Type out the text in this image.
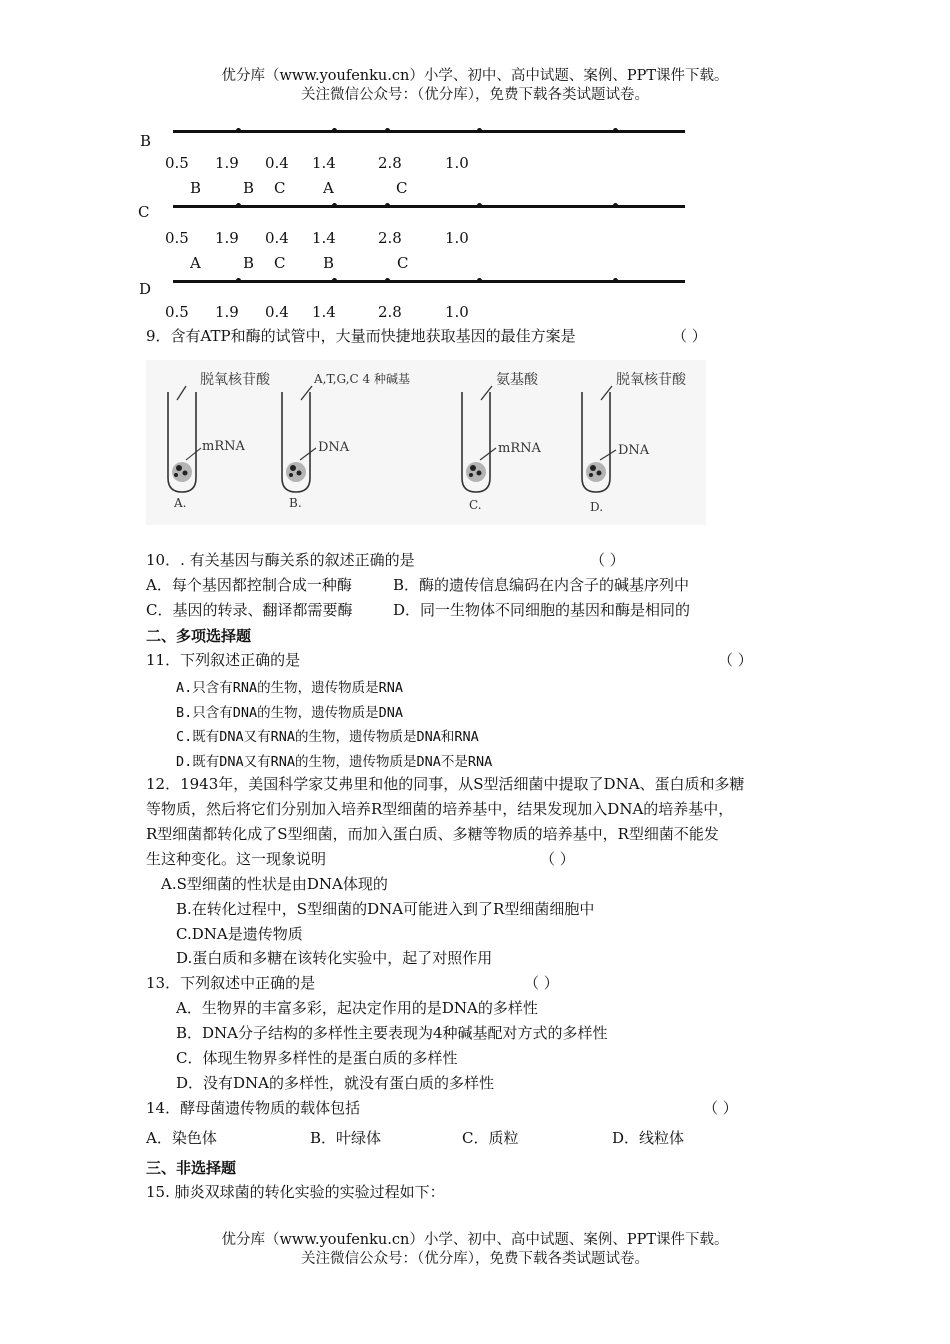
优分库（www.youfenku.cn）小学、初中、高中试题、案例、PPT课件下载。
关注微信公众号：（优分库），免费下载各类试题试卷。
B
0.5 1.9 0.4 1.4	2.8	1.0
B	B C	A	C
C
0.5 1.9 0.4 1.4	2.8	1.0
A	B C	B	C
D
0.5 1.9 0.4 1.4	2.8	1.0
9．含有ATP和酶的试管中，大量而快捷地获取基因的最佳方案是	（ ）
脱氧核苷酸
mRNA
A.
A,T,G,C 4 种碱基
DNA
B.
氨基酸
mRNA
C.
脱氧核苷酸
DNA
D.
10．. 有关基因与酶关系的叙述正确的是	（ ）
A．每个基因都控制合成一种酶	B．酶的遗传信息编码在内含子的碱基序列中
C．基因的转录、翻译都需要酶	D．同一生物体不同细胞的基因和酶是相同的
二、多项选择题
11．下列叙述正确的是	（ ）
A.只含有RNA的生物，遗传物质是RNA
B.只含有DNA的生物，遗传物质是DNA
C.既有DNA又有RNA的生物，遗传物质是DNA和RNA
D.既有DNA又有RNA的生物，遗传物质是DNA不是RNA
12．1943年，美国科学家艾弗里和他的同事，从S型活细菌中提取了DNA、蛋白质和多糖
等物质，然后将它们分别加入培养R型细菌的培养基中，结果发现加入DNA的培养基中，
R型细菌都转化成了S型细菌，而加入蛋白质、多糖等物质的培养基中，R型细菌不能发
生这种变化。这一现象说明	（ ）
A.S型细菌的性状是由DNA体现的
B.在转化过程中，S型细菌的DNA可能进入到了R型细菌细胞中
C.DNA是遗传物质
D.蛋白质和多糖在该转化实验中，起了对照作用
13．下列叙述中正确的是	（ ）
A．生物界的丰富多彩，起决定作用的是DNA的多样性
B．DNA分子结构的多样性主要表现为4种碱基配对方式的多样性
C．体现生物界多样性的是蛋白质的多样性
D．没有DNA的多样性，就没有蛋白质的多样性
14．酵母菌遗传物质的载体包括	（ ）
A．染色体	B．叶绿体	C．质粒	D．线粒体
三、非选择题
15. 肺炎双球菌的转化实验的实验过程如下：
优分库（www.youfenku.cn）小学、初中、高中试题、案例、PPT课件下载。
关注微信公众号：（优分库），免费下载各类试题试卷。
